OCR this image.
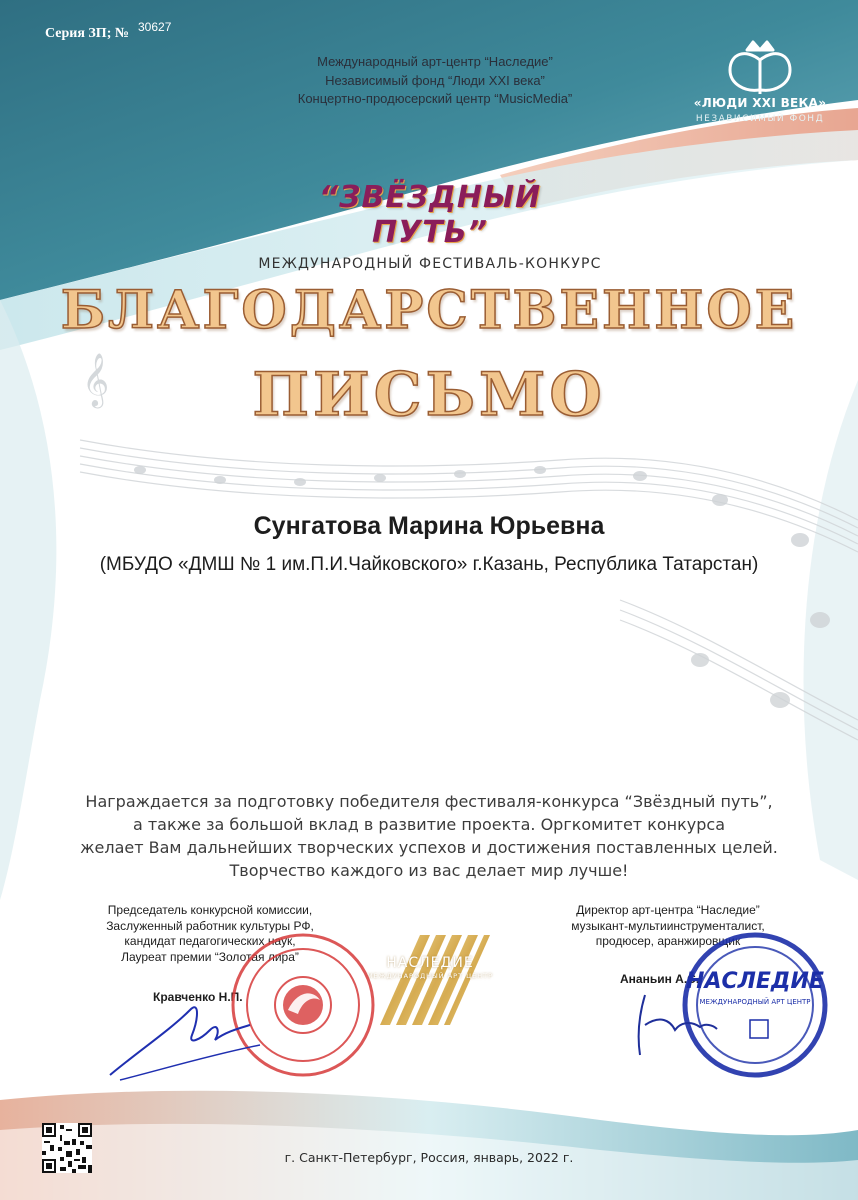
𝄞
Серия ЗП; № 30627
Международный арт-центр “Наследие”
Независимый фонд “Люди XXI века”
Концертно-продюсерский центр “MusicMedia”	«ЛЮДИ XXI ВЕКА»
НЕЗАВИСИМЫЙ ФОНД
“ЗВЁЗДНЫЙ ПУТЬ”
МЕЖДУНАРОДНЫЙ ФЕСТИВАЛЬ-КОНКУРС
БЛАГОДАРСТВЕННОЕ
ПИСЬМО
Сунгатова Марина Юрьевна
(МБУДО «ДМШ № 1 им.П.И.Чайковского» г.Казань, Республика Татарстан)
Награждается за подготовку победителя фестиваля-конкурса “Звёздный путь”,
а также за большой вклад в развитие проекта. Оргкомитет конкурса
желает Вам дальнейших творческих успехов и достижения поставленных целей.
Творчество каждого из вас делает мир лучше!
Председатель конкурсной комиссии,
Заслуженный работник культуры РФ,
кандидат педагогических наук,
Лауреат премии “Золотая лира”
Кравченко Н.П.
Директор арт-центра “Наследие”
музыкант-мультиинструменталист,
продюсер, аранжировщик
Ананьин А.С.
НАСЛЕДИЕ
МЕЖДУНАРОДНЫЙ АРТ ЦЕНТР	НАСЛЕДИЕ
МЕЖДУНАРОДНЫЙ АРТ ЦЕНТР
г. Санкт-Петербург, Россия, январь, 2022 г.
